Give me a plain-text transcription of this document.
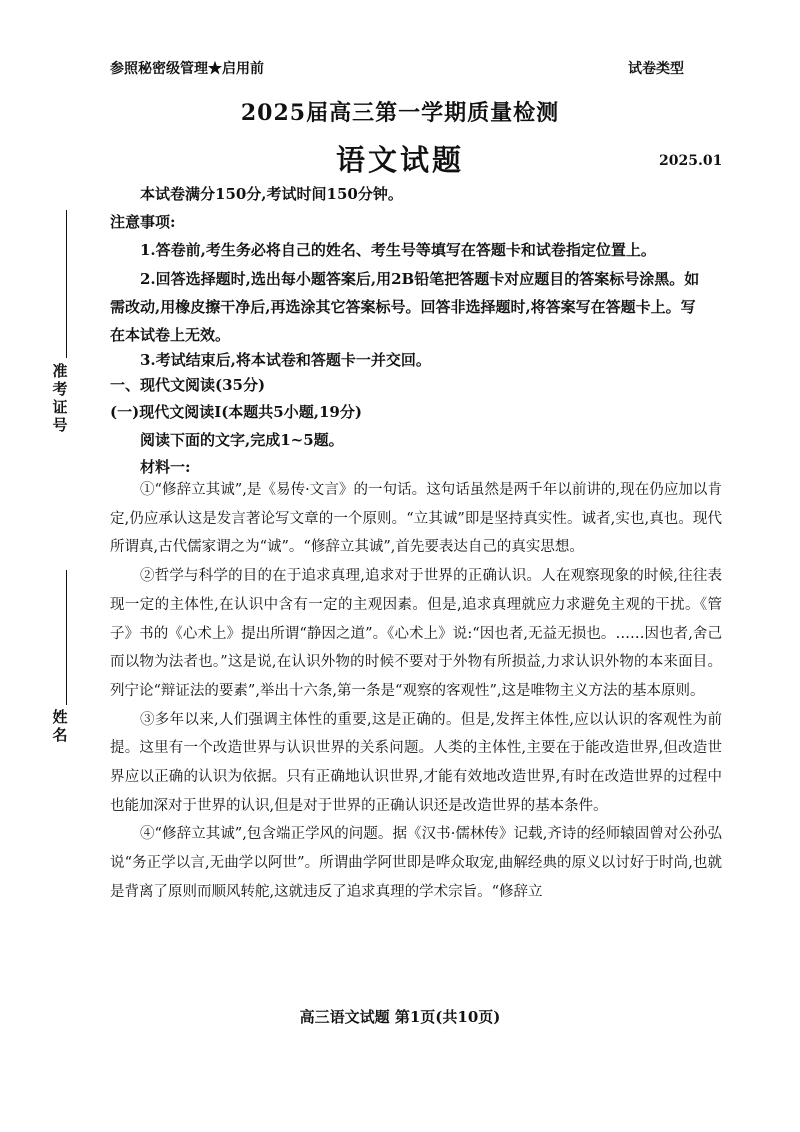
准考证号
姓名
参照秘密级管理★启用前	试卷类型
2025届高三第一学期质量检测
语文试题	2025.01
本试卷满分150分,考试时间150分钟。
注意事项:
1.答卷前,考生务必将自己的姓名、考生号等填写在答题卡和试卷指定位置上。
2.回答选择题时,选出每小题答案后,用2B铅笔把答题卡对应题目的答案标号涂黑。如需改动,用橡皮擦干净后,再选涂其它答案标号。回答非选择题时,将答案写在答题卡上。写在本试卷上无效。
3.考试结束后,将本试卷和答题卡一并交回。
一、现代文阅读(35分)
(一)现代文阅读Ⅰ(本题共5小题,19分)
阅读下面的文字,完成1~5题。
材料一:

①“修辞立其诚”,是《易传·文言》的一句话。这句话虽然是两千年以前讲的,现在仍应加以肯定,仍应承认这是发言著论写文章的一个原则。“立其诚”即是坚持真实性。诚者,实也,真也。现代所谓真,古代儒家谓之为“诚”。“修辞立其诚”,首先要表达自己的真实思想。

②哲学与科学的目的在于追求真理,追求对于世界的正确认识。人在观察现象的时候,往往表现一定的主体性,在认识中含有一定的主观因素。但是,追求真理就应力求避免主观的干扰。《管子》书的《心术上》提出所谓“静因之道”。《心术上》说:“因也者,无益无损也。……因也者,舍己而以物为法者也。”这是说,在认识外物的时候不要对于外物有所损益,力求认识外物的本来面目。列宁论“辩证法的要素”,举出十六条,第一条是“观察的客观性”,这是唯物主义方法的基本原则。

③多年以来,人们强调主体性的重要,这是正确的。但是,发挥主体性,应以认识的客观性为前提。这里有一个改造世界与认识世界的关系问题。人类的主体性,主要在于能改造世界,但改造世界应以正确的认识为依据。只有正确地认识世界,才能有效地改造世界,有时在改造世界的过程中也能加深对于世界的认识,但是对于世界的正确认识还是改造世界的基本条件。

④“修辞立其诚”,包含端正学风的问题。据《汉书·儒林传》记载,齐诗的经师辕固曾对公孙弘说“务正学以言,无曲学以阿世”。所谓曲学阿世即是哗众取宠,曲解经典的原义以讨好于时尚,也就是背离了原则而顺风转舵,这就违反了追求真理的学术宗旨。“修辞立

高三语文试题 第1页(共10页)
